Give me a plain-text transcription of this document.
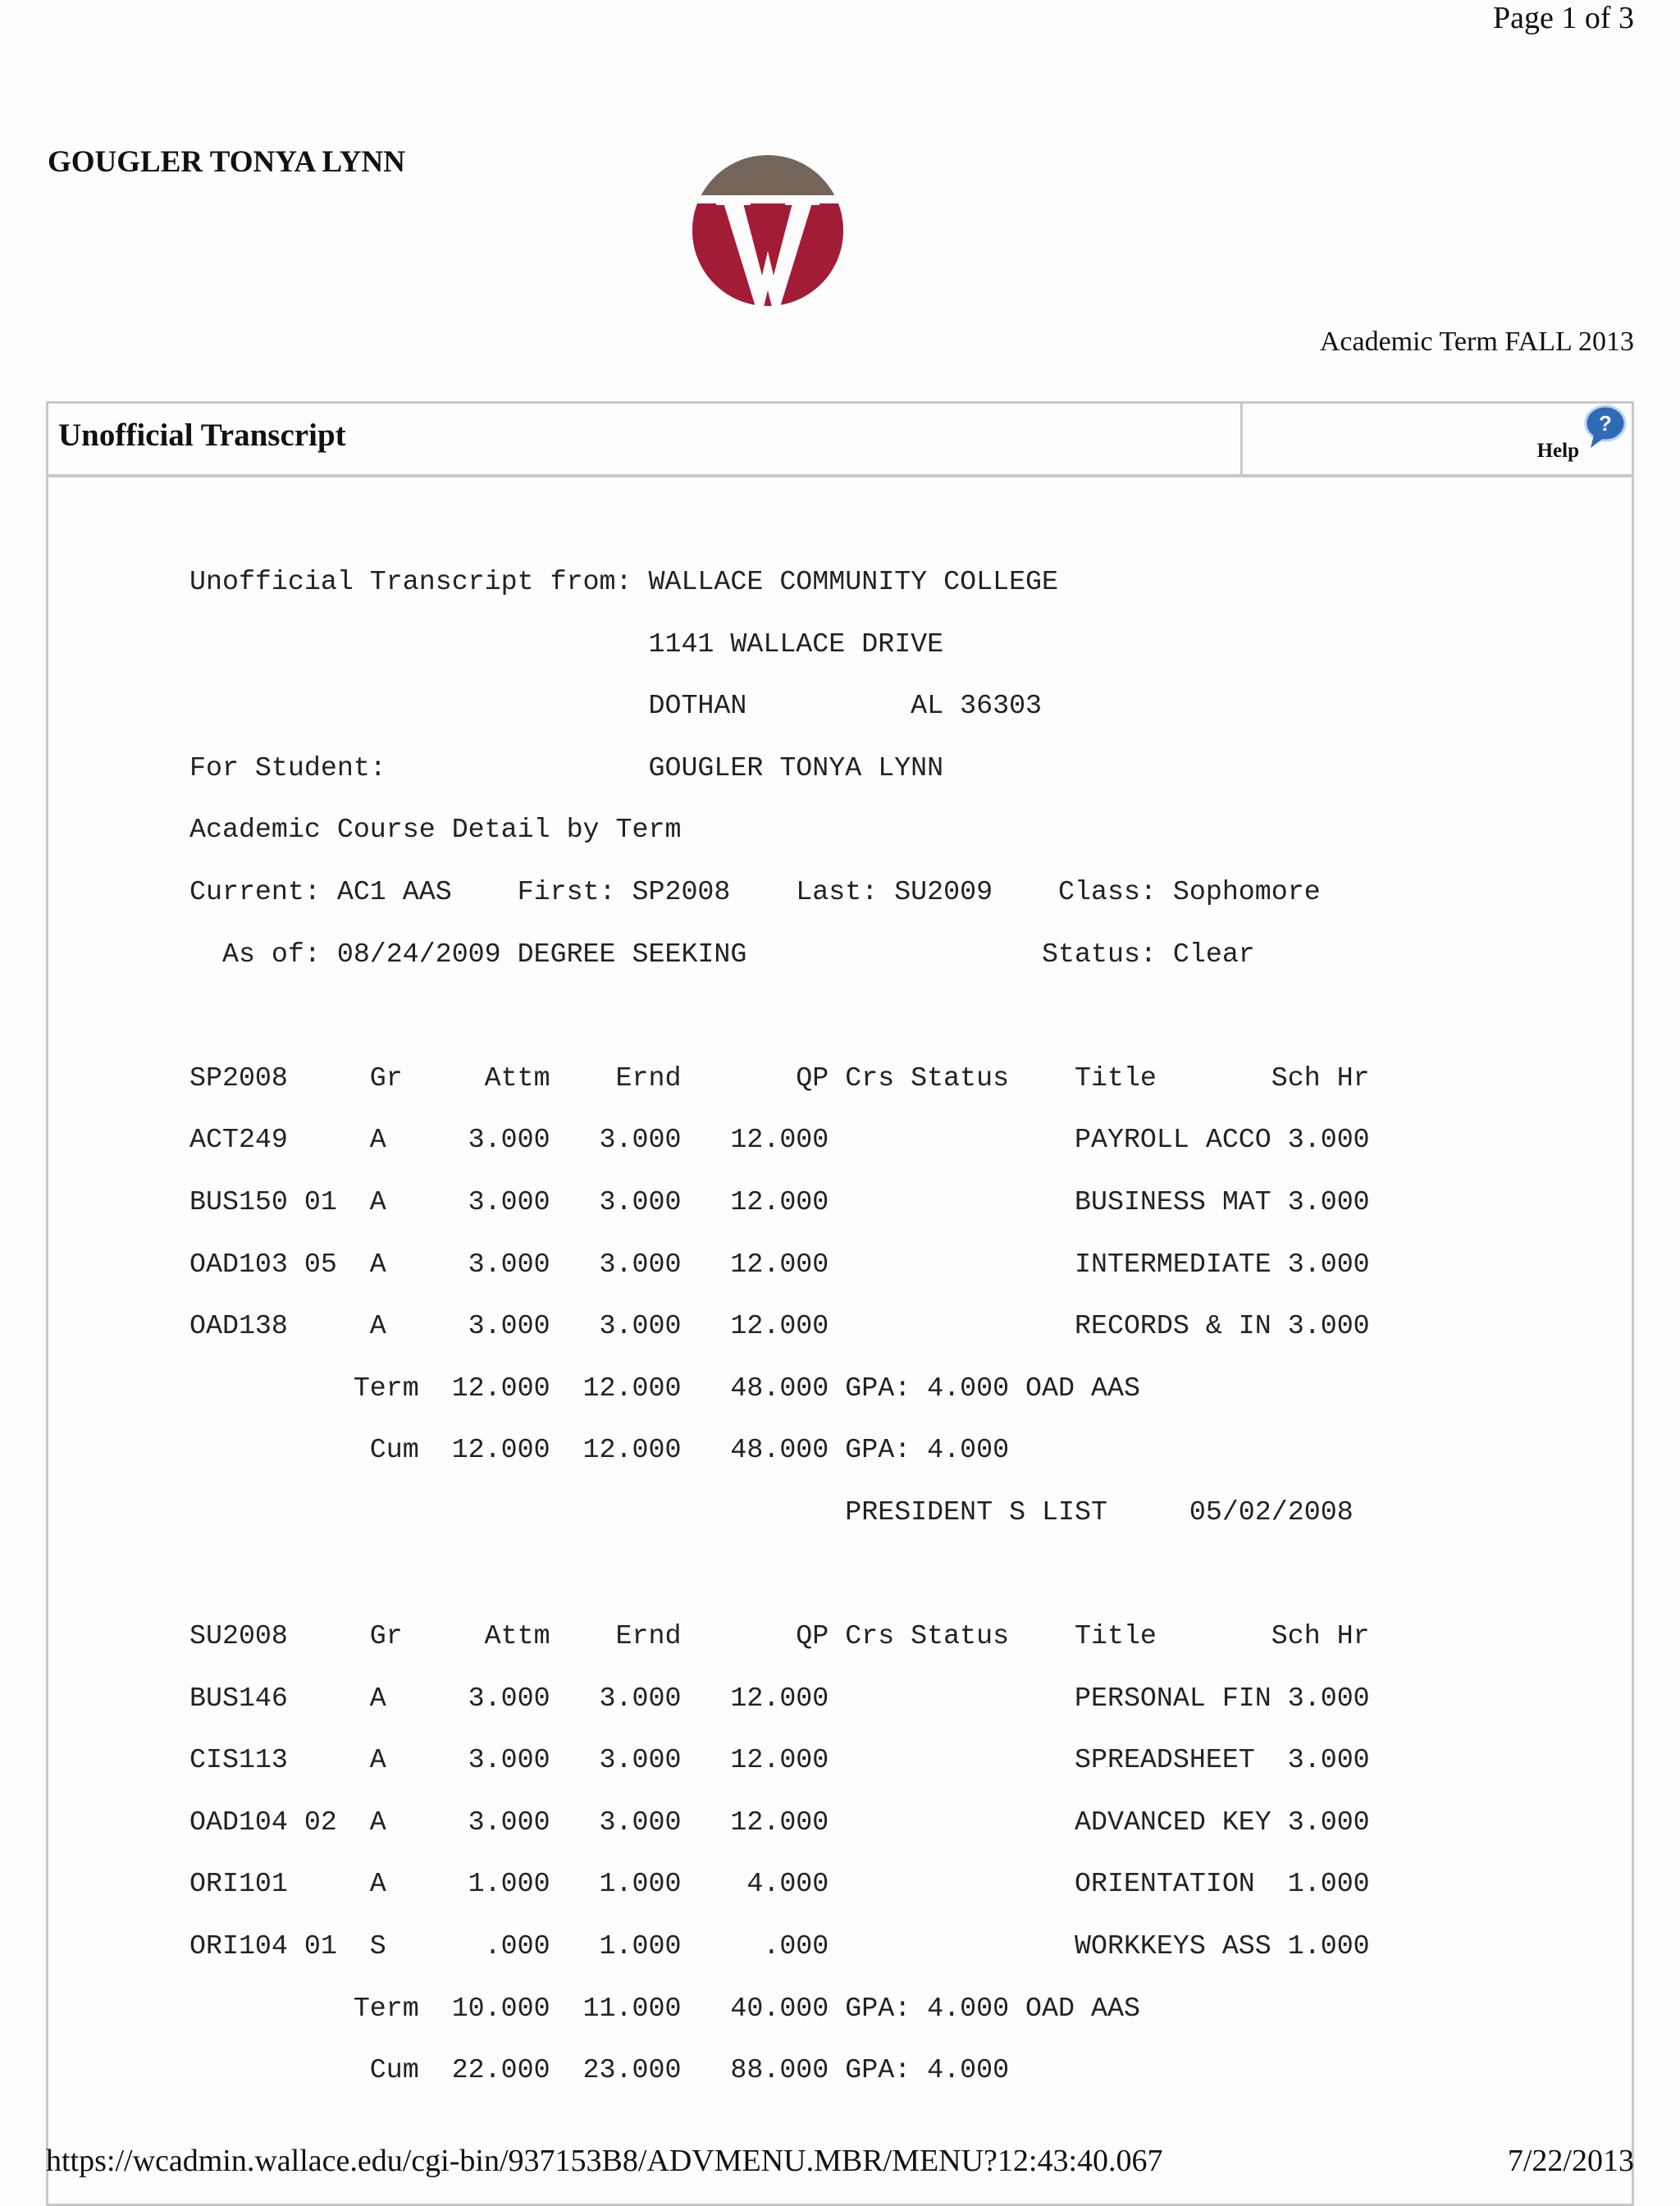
Page 1 of 3
GOUGLER TONYA LYNN
Academic Term FALL 2013
Unofficial Transcript	Help
?
Unofficial Transcript from: WALLACE COMMUNITY COLLEGE
1141 WALLACE DRIVE
DOTHAN          AL 36303
For Student:                GOUGLER TONYA LYNN
Academic Course Detail by Term
Current: AC1 AAS    First: SP2008    Last: SU2009    Class: Sophomore
As of: 08/24/2009 DEGREE SEEKING                  Status: Clear
SP2008     Gr     Attm    Ernd       QP Crs Status    Title       Sch Hr
ACT249     A     3.000   3.000   12.000               PAYROLL ACCO 3.000
BUS150 01  A     3.000   3.000   12.000               BUSINESS MAT 3.000
OAD103 05  A     3.000   3.000   12.000               INTERMEDIATE 3.000
OAD138     A     3.000   3.000   12.000               RECORDS & IN 3.000
Term  12.000  12.000   48.000 GPA: 4.000 OAD AAS
Cum  12.000  12.000   48.000 GPA: 4.000
PRESIDENT S LIST     05/02/2008
SU2008     Gr     Attm    Ernd       QP Crs Status    Title       Sch Hr
BUS146     A     3.000   3.000   12.000               PERSONAL FIN 3.000
CIS113     A     3.000   3.000   12.000               SPREADSHEET  3.000
OAD104 02  A     3.000   3.000   12.000               ADVANCED KEY 3.000
ORI101     A     1.000   1.000    4.000               ORIENTATION  1.000
ORI104 01  S      .000   1.000     .000               WORKKEYS ASS 1.000
Term  10.000  11.000   40.000 GPA: 4.000 OAD AAS
Cum  22.000  23.000   88.000 GPA: 4.000
https://wcadmin.wallace.edu/cgi-bin/937153B8/ADVMENU.MBR/MENU?12:43:40.067	7/22/2013
